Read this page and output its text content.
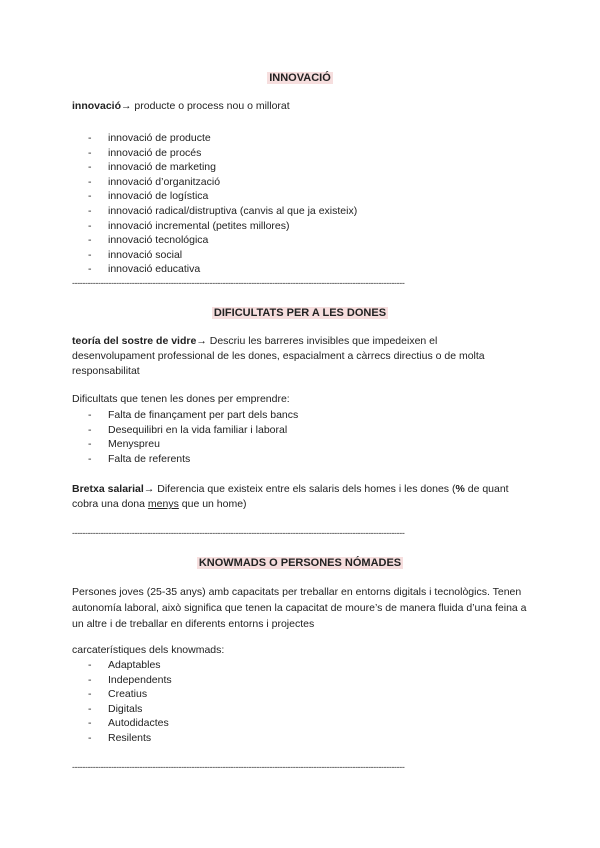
INNOVACIÓ
innovació→ producte o process nou o millorat
- innovació de producte
- innovació de procés
- innovació de marketing
- innovació d’organització
- innovació de logística
- innovació radical/distruptiva (canvis al que ja existeix)
- innovació incremental (petites millores)
- innovació tecnológica
- innovació social
- innovació educativa
--------------------------------------------------------------------------------------------------------------------------------
DIFICULTATS PER A LES DONES
teoría del sostre de vidre→ Descriu les barreres invisibles que impedeixen el desenvolupament professional de les dones, espacialment a càrrecs directius o de molta responsabilitat
Dificultats que tenen les dones per emprendre:
- Falta de finançament per part dels bancs
- Desequilibri en la vida familiar i laboral
- Menyspreu
- Falta de referents
Bretxa salarial→ Diferencia que existeix entre els salaris dels homes i les dones (% de quant cobra una dona menys que un home)
--------------------------------------------------------------------------------------------------------------------------------
KNOWMADS O PERSONES NÓMADES
Persones joves (25-35 anys) amb capacitats per treballar en entorns digitals i tecnològics. Tenen autonomía laboral, això significa que tenen la capacitat de moure’s de manera fluida d’una feina a un altre i de treballar en diferents entorns i projectes
carcaterístiques dels knowmads:
- Adaptables
- Independents
- Creatius
- Digitals
- Autodidactes
- Resilents
--------------------------------------------------------------------------------------------------------------------------------
